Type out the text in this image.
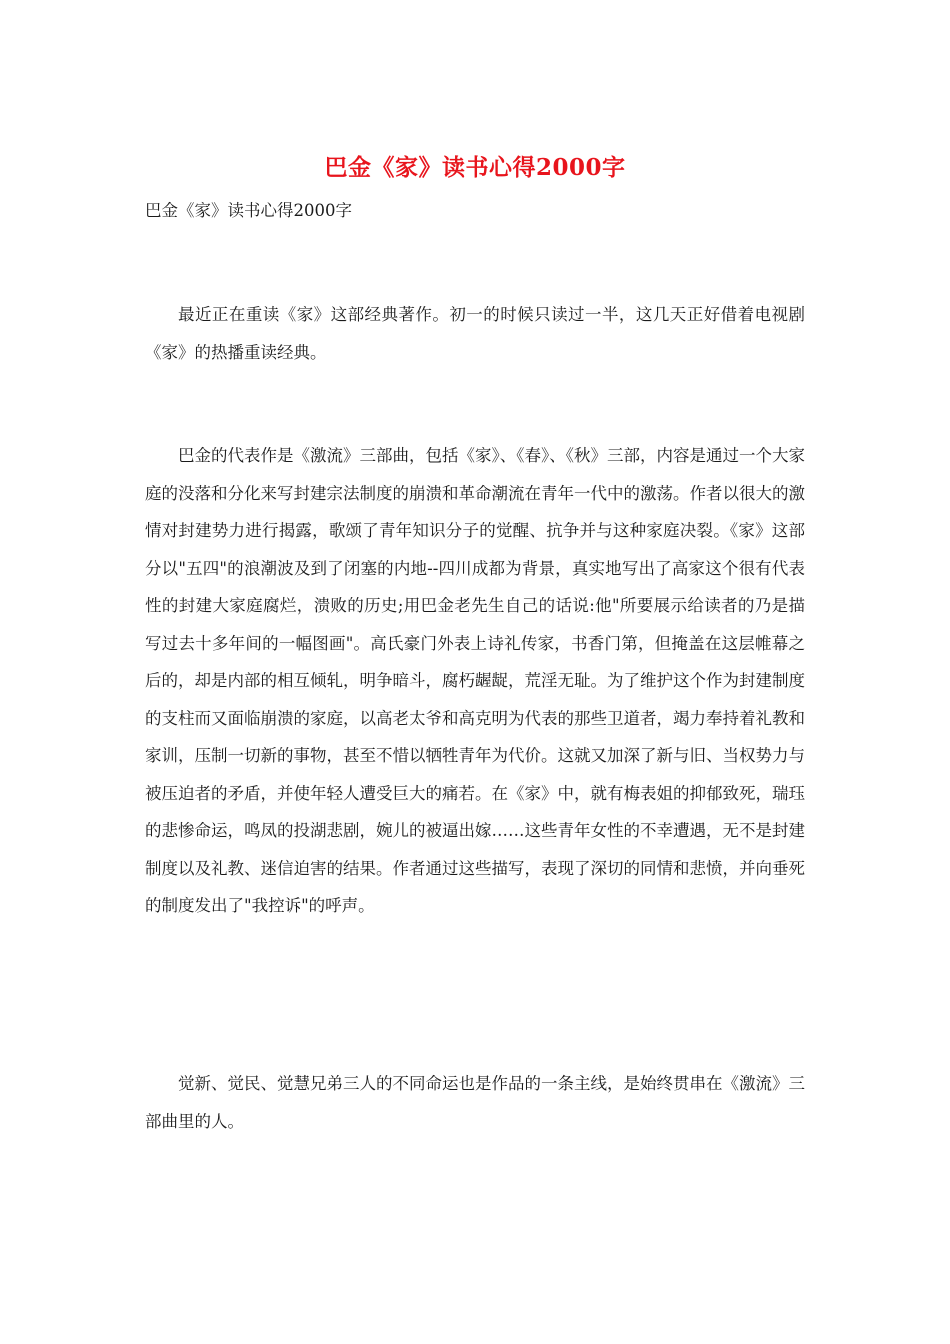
巴金《家》读书心得2000字
巴金《家》读书心得2000字

最近正在重读《家》这部经典著作。初一的时候只读过一半，这几天正好借着电视剧《家》的热播重读经典。

巴金的代表作是《激流》三部曲，包括《家》、《春》、《秋》三部，内容是通过一个大家庭的没落和分化来写封建宗法制度的崩溃和革命潮流在青年一代中的激荡。作者以很大的激情对封建势力进行揭露，歌颂了青年知识分子的觉醒、抗争并与这种家庭决裂。《家》这部分以"五四"的浪潮波及到了闭塞的内地--四川成都为背景，真实地写出了高家这个很有代表性的封建大家庭腐烂，溃败的历史;用巴金老先生自己的话说:他"所要展示给读者的乃是描写过去十多年间的一幅图画"。高氏豪门外表上诗礼传家，书香门第，但掩盖在这层帷幕之后的，却是内部的相互倾轧，明争暗斗，腐朽龌龊，荒淫无耻。为了维护这个作为封建制度的支柱而又面临崩溃的家庭，以高老太爷和高克明为代表的那些卫道者，竭力奉持着礼教和家训，压制一切新的事物，甚至不惜以牺牲青年为代价。这就又加深了新与旧、当权势力与被压迫者的矛盾，并使年轻人遭受巨大的痛若。在《家》中，就有梅表姐的抑郁致死，瑞珏的悲惨命运，鸣凤的投湖悲剧，婉儿的被逼出嫁……这些青年女性的不幸遭遇，无不是封建制度以及礼教、迷信迫害的结果。作者通过这些描写，表现了深切的同情和悲愤，并向垂死的制度发出了"我控诉"的呼声。

觉新、觉民、觉慧兄弟三人的不同命运也是作品的一条主线，是始终贯串在《激流》三部曲里的人。
